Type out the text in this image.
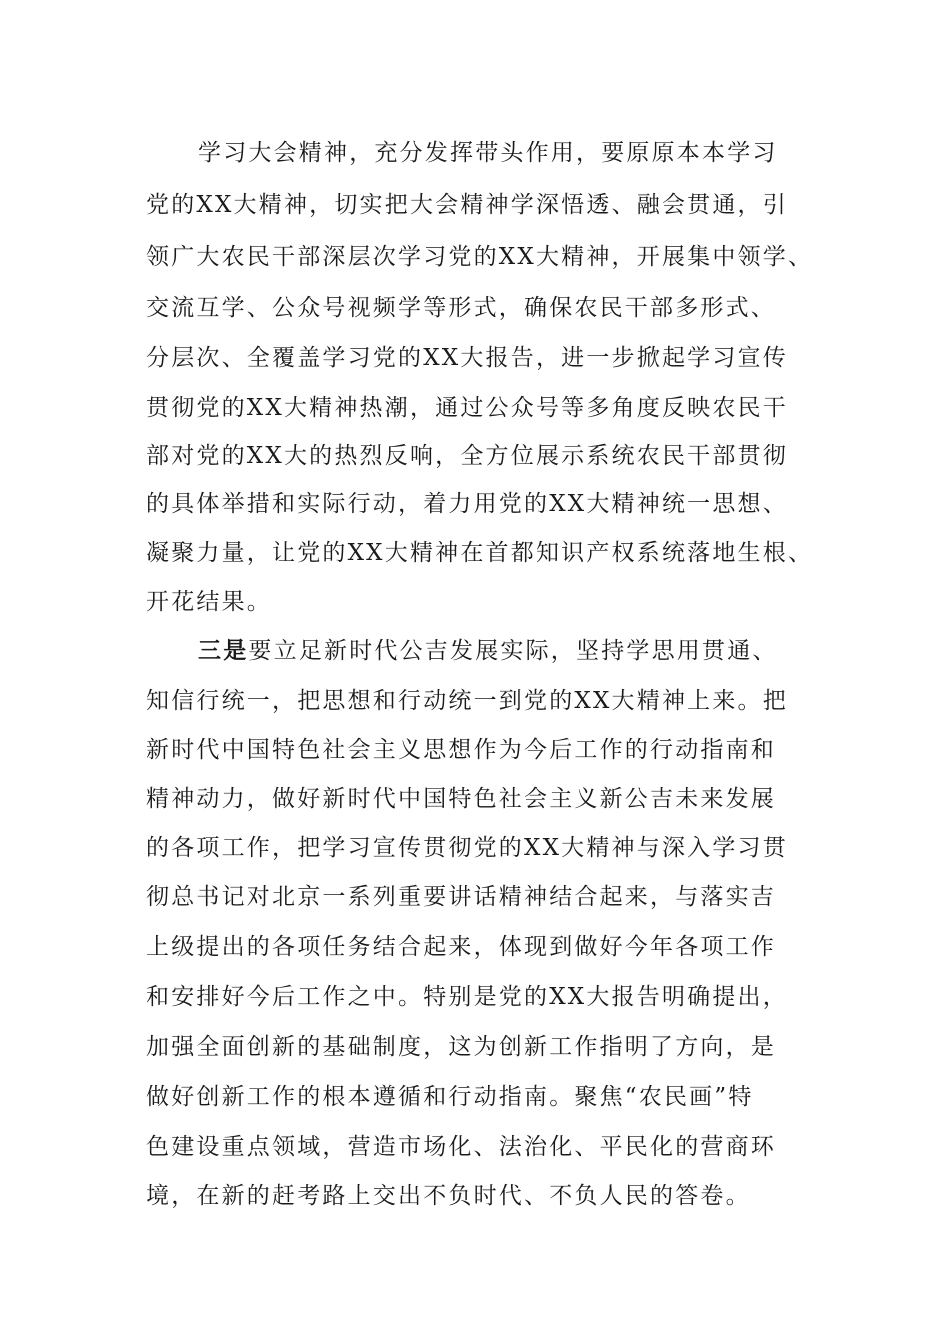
学习大会精神，充分发挥带头作用，要原原本本学习
党的XX大精神，切实把大会精神学深悟透、融会贯通，引
领广大农民干部深层次学习党的XX大精神，开展集中领学、
交流互学、公众号视频学等形式，确保农民干部多形式、
分层次、全覆盖学习党的XX大报告，进一步掀起学习宣传
贯彻党的XX大精神热潮，通过公众号等多角度反映农民干
部对党的XX大的热烈反响，全方位展示系统农民干部贯彻
的具体举措和实际行动，着力用党的XX大精神统一思想、
凝聚力量，让党的XX大精神在首都知识产权系统落地生根、
开花结果。
三是要立足新时代公吉发展实际，坚持学思用贯通、
知信行统一，把思想和行动统一到党的XX大精神上来。把
新时代中国特色社会主义思想作为今后工作的行动指南和
精神动力，做好新时代中国特色社会主义新公吉未来发展
的各项工作，把学习宣传贯彻党的XX大精神与深入学习贯
彻总书记对北京一系列重要讲话精神结合起来，与落实吉
上级提出的各项任务结合起来，体现到做好今年各项工作
和安排好今后工作之中。特别是党的XX大报告明确提出，
加强全面创新的基础制度，这为创新工作指明了方向，是
做好创新工作的根本遵循和行动指南。聚焦“农民画”特
色建设重点领域，营造市场化、法治化、平民化的营商环
境，在新的赶考路上交出不负时代、不负人民的答卷。
